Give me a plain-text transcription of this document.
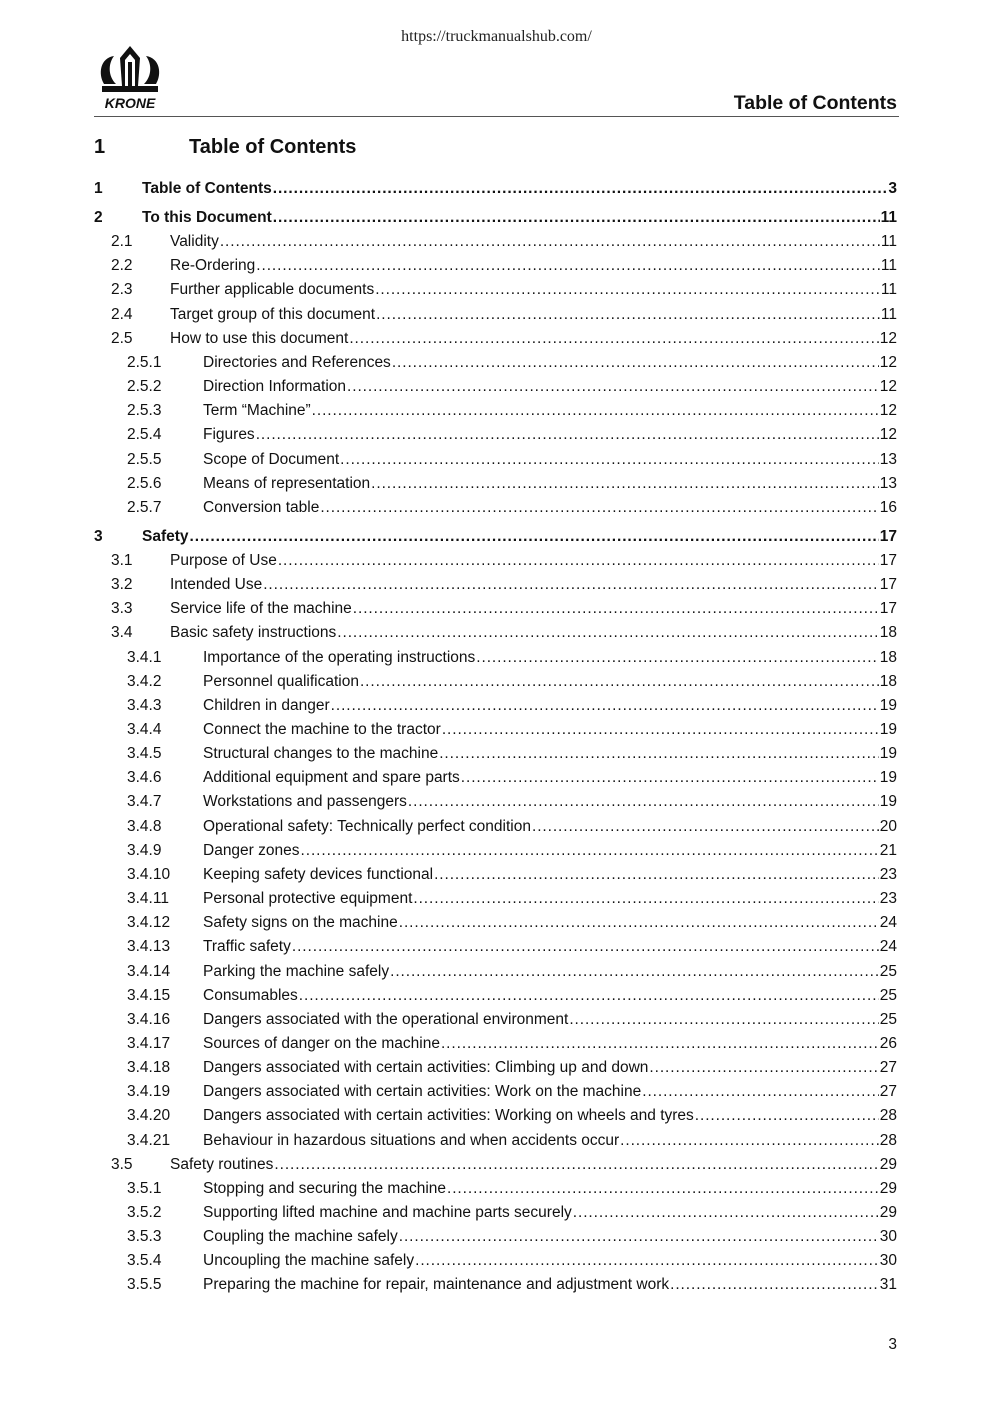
https://truckmanualshub.com/
KRONE	Table of Contents
1	Table of Contents
1	Table of Contents . . .	3
2	To this Document . . .	11
2.1 Validity . . .	11
2.2 Re-Ordering . . .	11
2.3 Further applicable documents . . .	11
2.4 Target group of this document . . .	11
2.5 How to use this document . . .	12
2.5.1	Directories and References . . .	12
2.5.2	Direction Information . . .	12
2.5.3	Term “Machine” . . .	12
2.5.4	Figures . . .	12
2.5.5	Scope of Document . . .	13
2.5.6	Means of representation . . .	13
2.5.7	Conversion table . . .	16
3	Safety . . .	17
3.1 Purpose of Use . . .	17
3.2 Intended Use . . .	17
3.3 Service life of the machine . . .	17
3.4 Basic safety instructions . . .	18
3.4.1	Importance of the operating instructions . . .	18
3.4.2	Personnel qualification . . .	18
3.4.3	Children in danger . . .	19
3.4.4	Connect the machine to the tractor . . .	19
3.4.5	Structural changes to the machine . . .	19
3.4.6	Additional equipment and spare parts . . .	19
3.4.7	Workstations and passengers . . .	19
3.4.8	Operational safety: Technically perfect condition . . .	20
3.4.9	Danger zones . . .	21
3.4.10 Keeping safety devices functional . . .	23
3.4.11 Personal protective equipment . . .	23
3.4.12 Safety signs on the machine . . .	24
3.4.13 Traffic safety . . .	24
3.4.14 Parking the machine safely . . .	25
3.4.15 Consumables . . .	25
3.4.16 Dangers associated with the operational environment . . .	25
3.4.17 Sources of danger on the machine . . .	26
3.4.18 Dangers associated with certain activities: Climbing up and down . . .	27
3.4.19 Dangers associated with certain activities: Work on the machine . . .	27
3.4.20 Dangers associated with certain activities: Working on wheels and tyres . . .	28
3.4.21 Behaviour in hazardous situations and when accidents occur . . .	28
3.5 Safety routines . . .	29
3.5.1	Stopping and securing the machine . . .	29
3.5.2	Supporting lifted machine and machine parts securely . . .	29
3.5.3	Coupling the machine safely . . .	30
3.5.4	Uncoupling the machine safely . . .	30
3.5.5	Preparing the machine for repair, maintenance and adjustment work . . .	31
3
